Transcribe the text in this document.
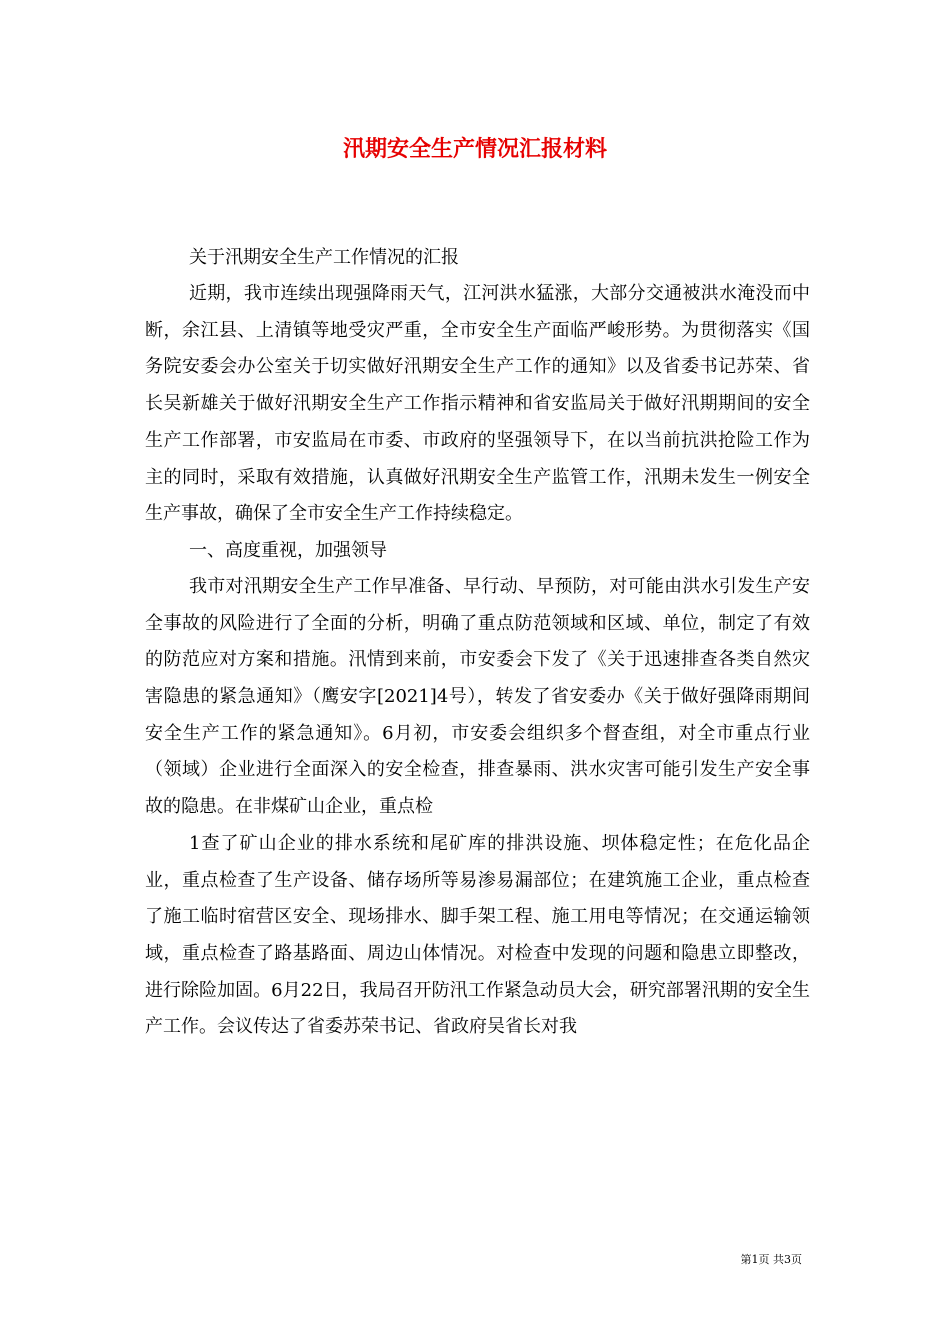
汛期安全生产情况汇报材料
关于汛期安全生产工作情况的汇报

近期，我市连续出现强降雨天气，江河洪水猛涨，大部分交通被洪水淹没而中断，余江县、上清镇等地受灾严重，全市安全生产面临严峻形势。为贯彻落实《国务院安委会办公室关于切实做好汛期安全生产工作的通知》以及省委书记苏荣、省长吴新雄关于做好汛期安全生产工作指示精神和省安监局关于做好汛期期间的安全生产工作部署，市安监局在市委、市政府的坚强领导下，在以当前抗洪抢险工作为主的同时，采取有效措施，认真做好汛期安全生产监管工作，汛期未发生一例安全生产事故，确保了全市安全生产工作持续稳定。

一、高度重视，加强领导

我市对汛期安全生产工作早准备、早行动、早预防，对可能由洪水引发生产安全事故的风险进行了全面的分析，明确了重点防范领域和区域、单位，制定了有效的防范应对方案和措施。汛情到来前，市安委会下发了《关于迅速排查各类自然灾害隐患的紧急通知》（鹰安字[2021]4号），转发了省安委办《关于做好强降雨期间安全生产工作的紧急通知》。6月初，市安委会组织多个督查组，对全市重点行业（领域）企业进行全面深入的安全检查，排查暴雨、洪水灾害可能引发生产安全事故的隐患。在非煤矿山企业，重点检

1查了矿山企业的排水系统和尾矿库的排洪设施、坝体稳定性；在危化品企业，重点检查了生产设备、储存场所等易渗易漏部位；在建筑施工企业，重点检查了施工临时宿营区安全、现场排水、脚手架工程、施工用电等情况；在交通运输领域，重点检查了路基路面、周边山体情况。对检查中发现的问题和隐患立即整改，进行除险加固。6月22日，我局召开防汛工作紧急动员大会，研究部署汛期的安全生产工作。会议传达了省委苏荣书记、省政府吴省长对我

第1页 共3页
